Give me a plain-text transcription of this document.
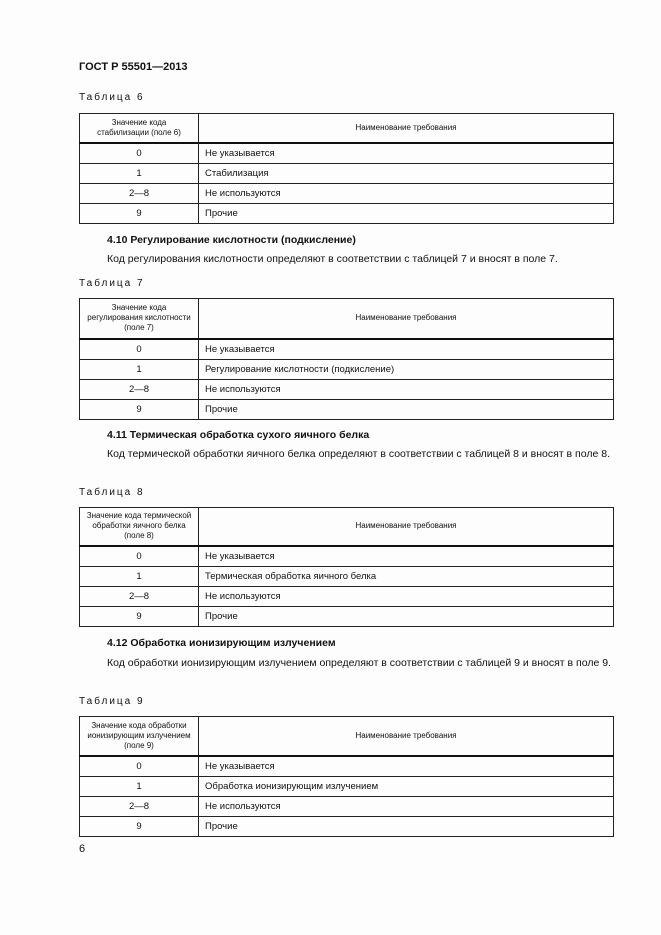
ГОСТ Р 55501—2013
Таблица 6
Значение кода стабилизации (поле 6)	Наименование требования
0	Не указывается
1	Стабилизация
2—8	Не используются
9	Прочие
4.10 Регулирование кислотности (подкисление)
Код регулирования кислотности определяют в соответствии с таблицей 7 и вносят в поле 7.
Таблица 7
Значение кода регулирования кислотности (поле 7)	Наименование требования
0	Не указывается
1	Регулирование кислотности (подкисление)
2—8	Не используются
9	Прочие
4.11 Термическая обработка сухого яичного белка
Код термической обработки яичного белка определяют в соответствии с таблицей 8 и вносят в поле 8.
Таблица 8
Значение кода термической обработки яичного белка (поле 8)	Наименование требования
0	Не указывается
1	Термическая обработка яичного белка
2—8	Не используются
9	Прочие
4.12 Обработка ионизирующим излучением
Код обработки ионизирующим излучением определяют в соответствии с таблицей 9 и вносят в поле 9.
Таблица 9
Значение кода обработки ионизирующим излучением (поле 9)	Наименование требования
0	Не указывается
1	Обработка ионизирующим излучением
2—8	Не используются
9	Прочие
6
